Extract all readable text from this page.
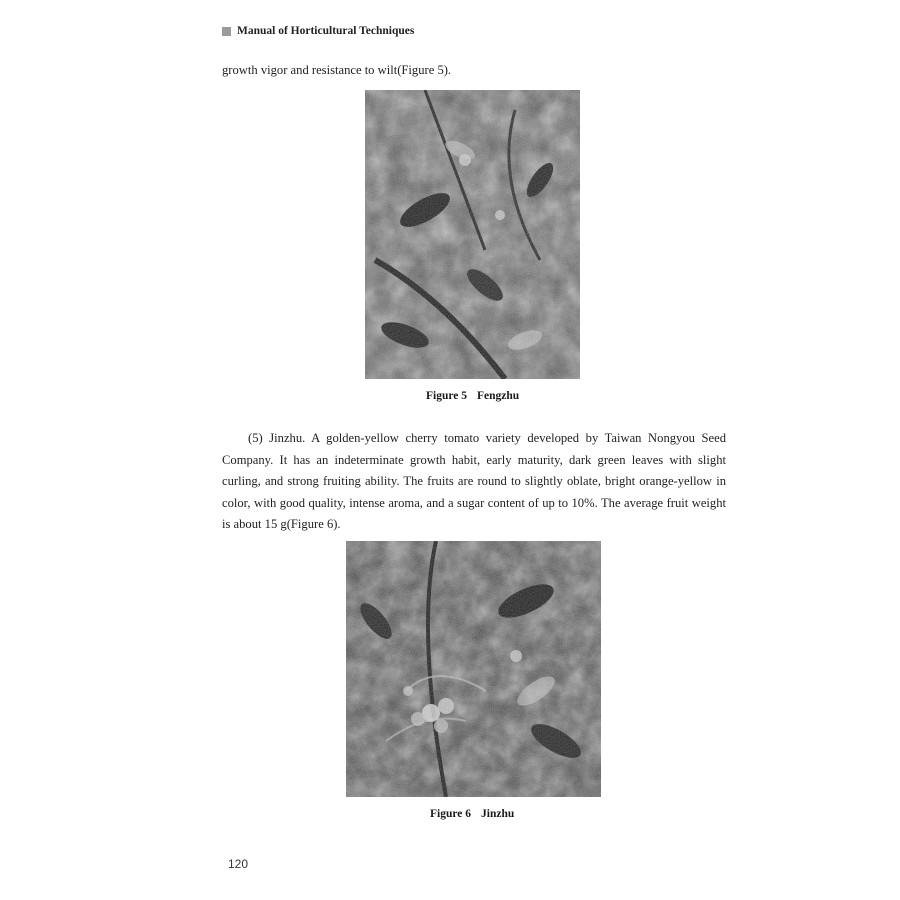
Manual of Horticultural Techniques

growth vigor and resistance to wilt(Figure 5).

Figure 5 Fengzhu

(5) Jinzhu. A golden-yellow cherry tomato variety developed by Taiwan Nongyou Seed Company. It has an indeterminate growth habit, early maturity, dark green leaves with slight curling, and strong fruiting ability. The fruits are round to slightly oblate, bright orange-yellow in color, with good quality, intense aroma, and a sugar content of up to 10%. The average fruit weight is about 15 g(Figure 6).

Figure 6 Jinzhu
120
